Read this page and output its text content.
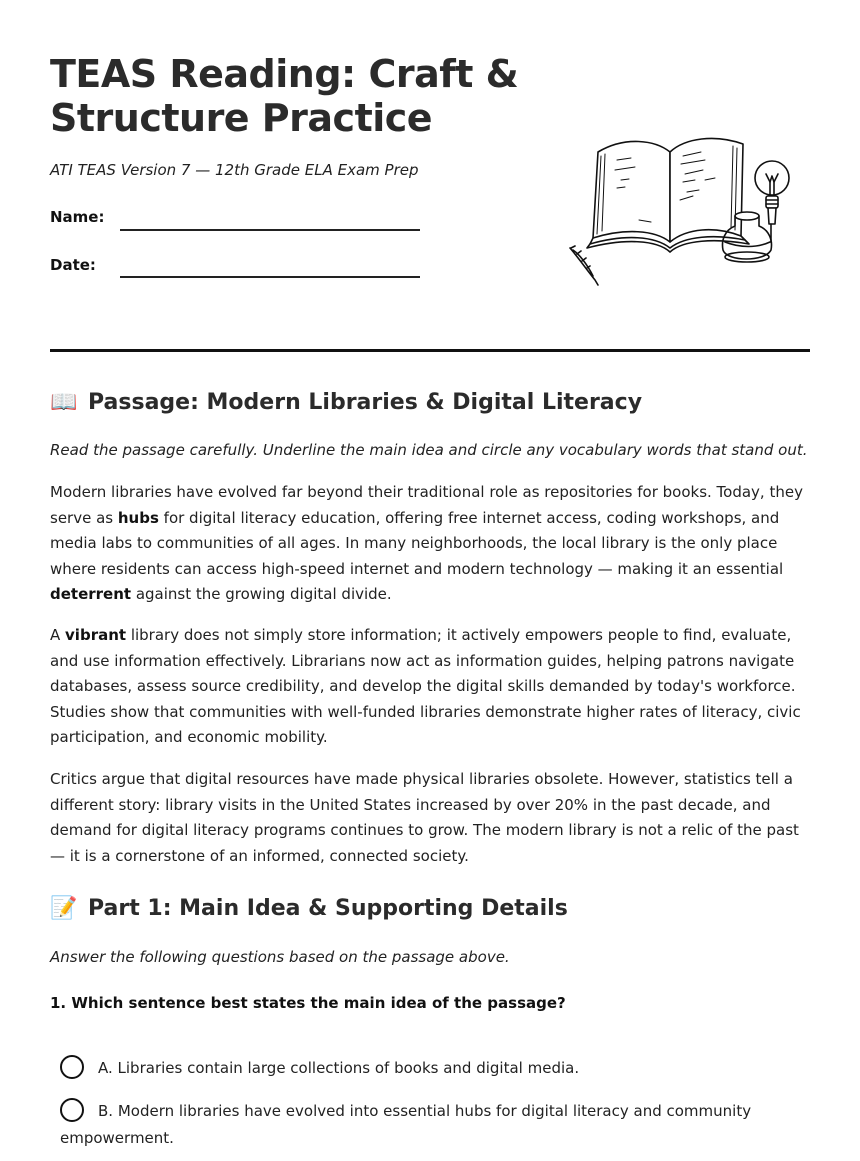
TEAS Reading: Craft & Structure Practice
ATI TEAS Version 7 — 12th Grade ELA Exam Prep
Name:
Date:
📖 Passage: Modern Libraries & Digital Literacy
Read the passage carefully. Underline the main idea and circle any vocabulary words that stand out.

Modern libraries have evolved far beyond their traditional role as repositories for books. Today, they serve as hubs for digital literacy education, offering free internet access, coding workshops, and media labs to communities of all ages. In many neighborhoods, the local library is the only place where residents can access high-speed internet and modern technology — making it an essential deterrent against the growing digital divide.

A vibrant library does not simply store information; it actively empowers people to find, evaluate, and use information effectively. Librarians now act as information guides, helping patrons navigate databases, assess source credibility, and develop the digital skills demanded by today's workforce. Studies show that communities with well-funded libraries demonstrate higher rates of literacy, civic participation, and economic mobility.

Critics argue that digital resources have made physical libraries obsolete. However, statistics tell a different story: library visits in the United States increased by over 20% in the past decade, and demand for digital literacy programs continues to grow. The modern library is not a relic of the past — it is a cornerstone of an informed, connected society.

📝 Part 1: Main Idea & Supporting Details
Answer the following questions based on the passage above.
1. Which sentence best states the main idea of the passage?
A. Libraries contain large collections of books and digital media.
B. Modern libraries have evolved into essential hubs for digital literacy and community empowerment.
